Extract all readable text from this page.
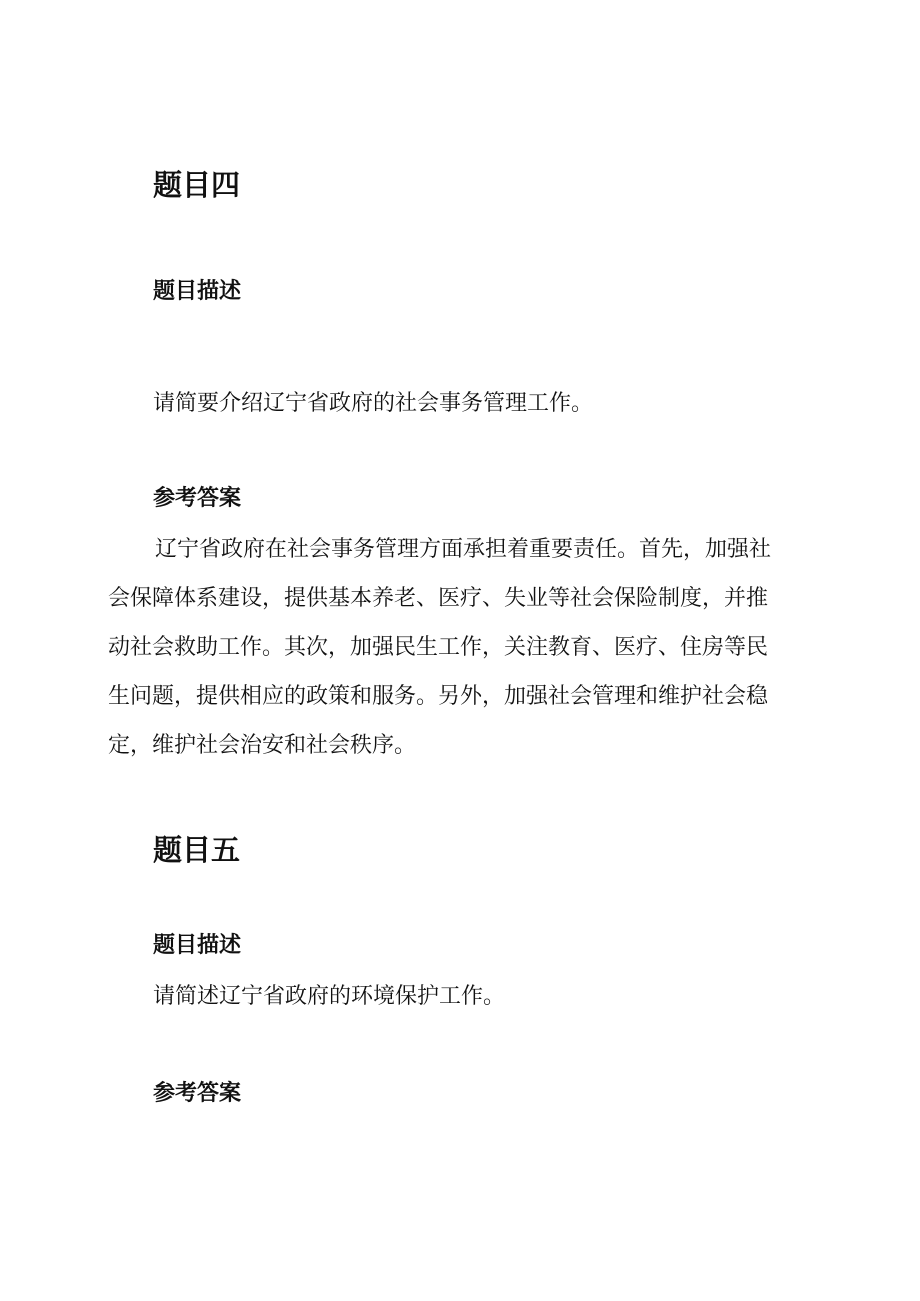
题目四
题目描述

请简要介绍辽宁省政府的社会事务管理工作。

参考答案
辽宁省政府在社会事务管理方面承担着重要责任。首先，加强社
会保障体系建设，提供基本养老、医疗、失业等社会保险制度，并推
动社会救助工作。其次，加强民生工作，关注教育、医疗、住房等民
生问题，提供相应的政策和服务。另外，加强社会管理和维护社会稳
定，维护社会治安和社会秩序。
题目五
题目描述

请简述辽宁省政府的环境保护工作。

参考答案
